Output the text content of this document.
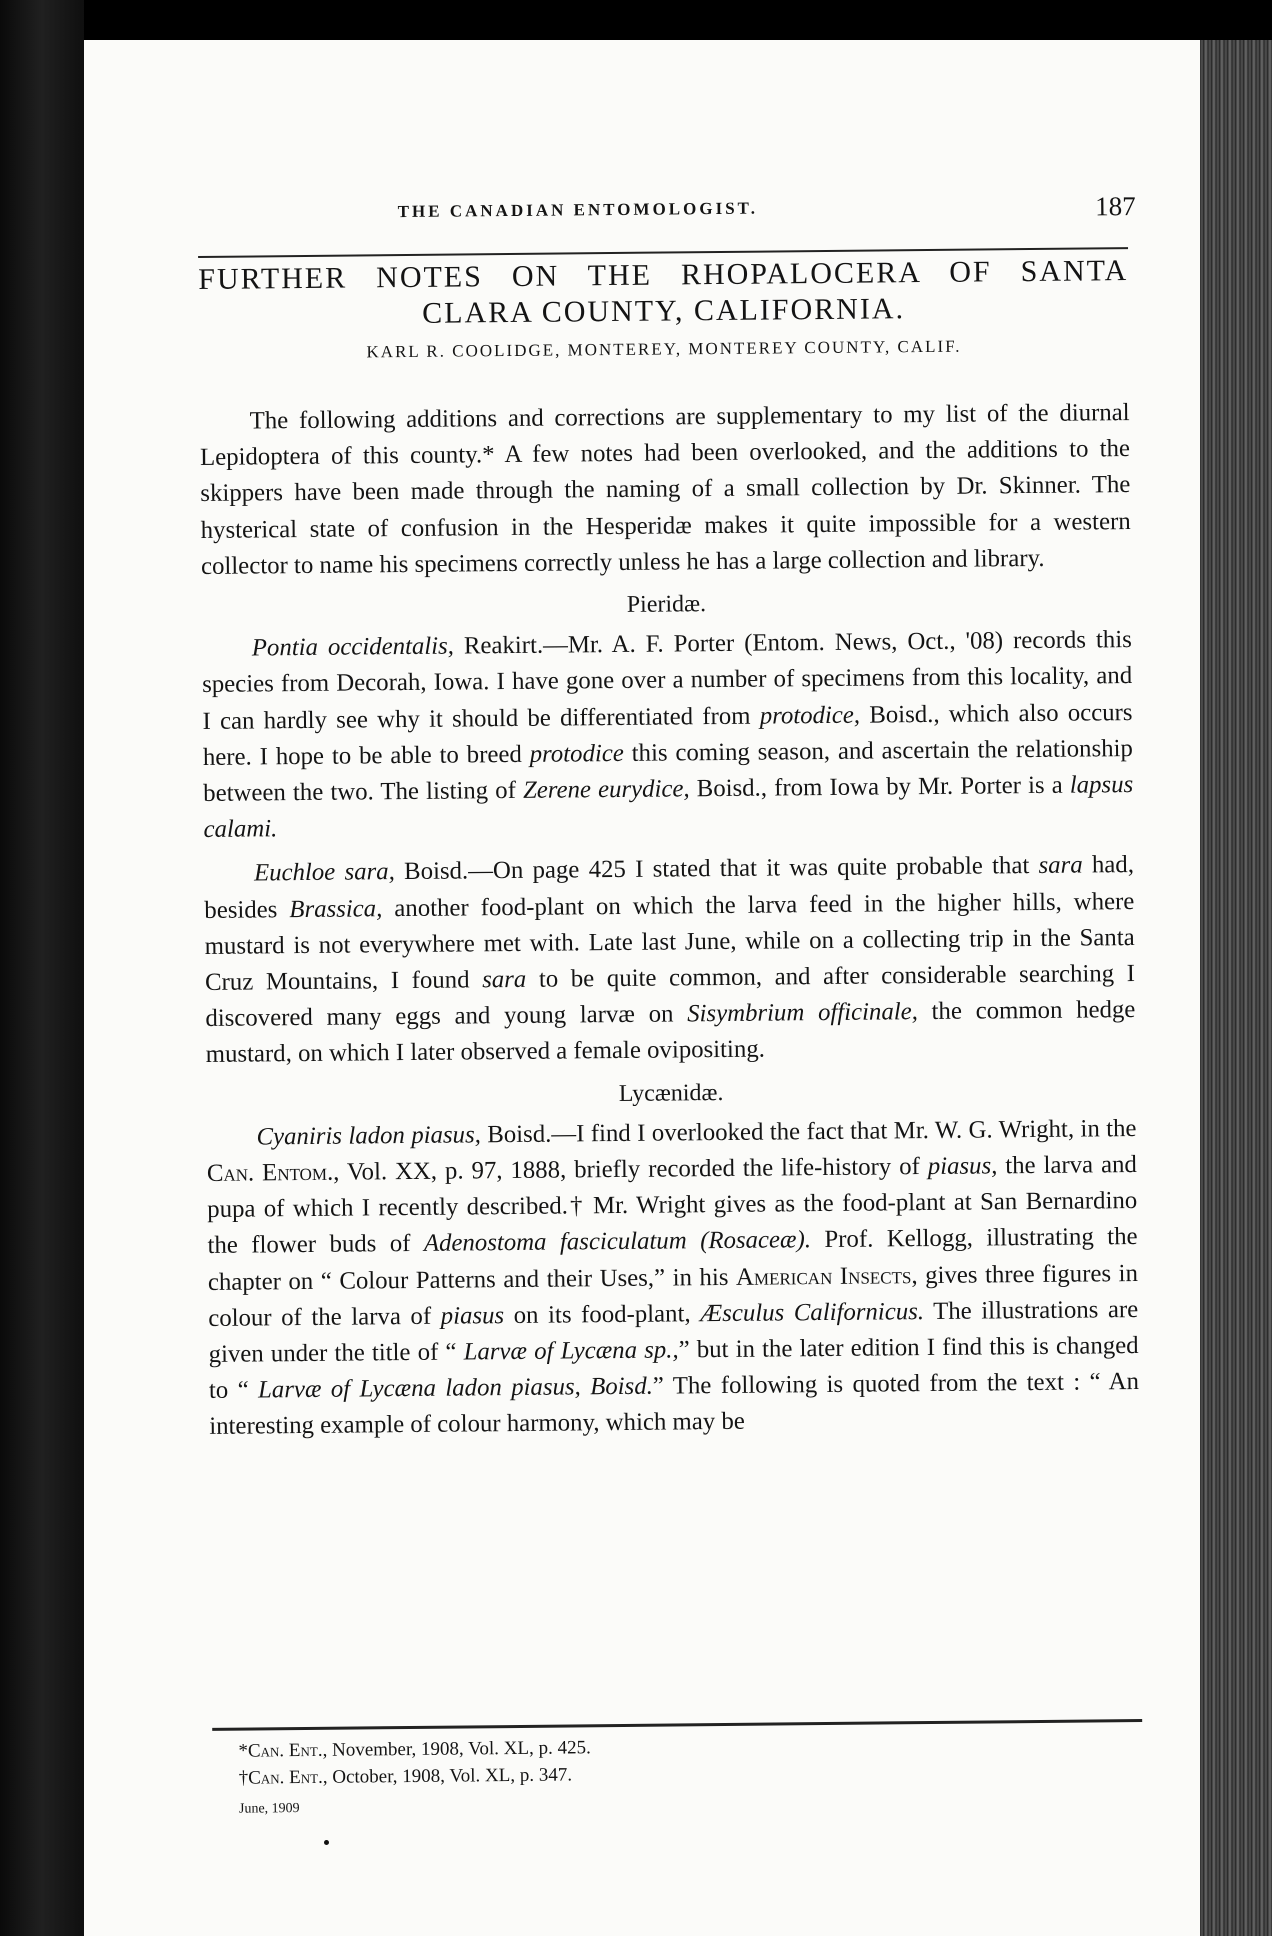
THE CANADIAN ENTOMOLOGIST.	187
FURTHER NOTES ON THE RHOPALOCERA OF SANTA CLARA COUNTY, CALIFORNIA.
KARL R. COOLIDGE, MONTEREY, MONTEREY COUNTY, CALIF.

The following additions and corrections are supplementary to my list of the diurnal Lepidoptera of this county.* A few notes had been overlooked, and the additions to the skippers have been made through the naming of a small collection by Dr. Skinner. The hysterical state of confusion in the Hesperidæ makes it quite impossible for a western collector to name his specimens correctly unless he has a large collection and library.

Pieridæ.

Pontia occidentalis, Reakirt.—Mr. A. F. Porter (Entom. News, Oct., '08) records this species from Decorah, Iowa. I have gone over a number of specimens from this locality, and I can hardly see why it should be differentiated from protodice, Boisd., which also occurs here. I hope to be able to breed protodice this coming season, and ascertain the relationship between the two. The listing of Zerene eurydice, Boisd., from Iowa by Mr. Porter is a lapsus calami.

Euchloe sara, Boisd.—On page 425 I stated that it was quite probable that sara had, besides Brassica, another food-plant on which the larva feed in the higher hills, where mustard is not everywhere met with. Late last June, while on a collecting trip in the Santa Cruz Mountains, I found sara to be quite common, and after considerable searching I discovered many eggs and young larvæ on Sisymbrium officinale, the common hedge mustard, on which I later observed a female ovipositing.

Lycænidæ.

Cyaniris ladon piasus, Boisd.—I find I overlooked the fact that Mr. W. G. Wright, in the Can. Entom., Vol. XX, p. 97, 1888, briefly recorded the life-history of piasus, the larva and pupa of which I recently described.† Mr. Wright gives as the food-plant at San Bernardino the flower buds of Adenostoma fasciculatum (Rosaceæ). Prof. Kellogg, illustrating the chapter on “ Colour Patterns and their Uses,” in his American Insects, gives three figures in colour of the larva of piasus on its food-plant, Æsculus Californicus. The illustrations are given under the title of “ Larvæ of Lycæna sp.,” but in the later edition I find this is changed to “ Larvæ of Lycæna ladon piasus, Boisd.” The following is quoted from the text : “ An interesting example of colour harmony, which may be

*Can. Ent., November, 1908, Vol. XL, p. 425.
†Can. Ent., October, 1908, Vol. XL, p. 347.
June, 1909
